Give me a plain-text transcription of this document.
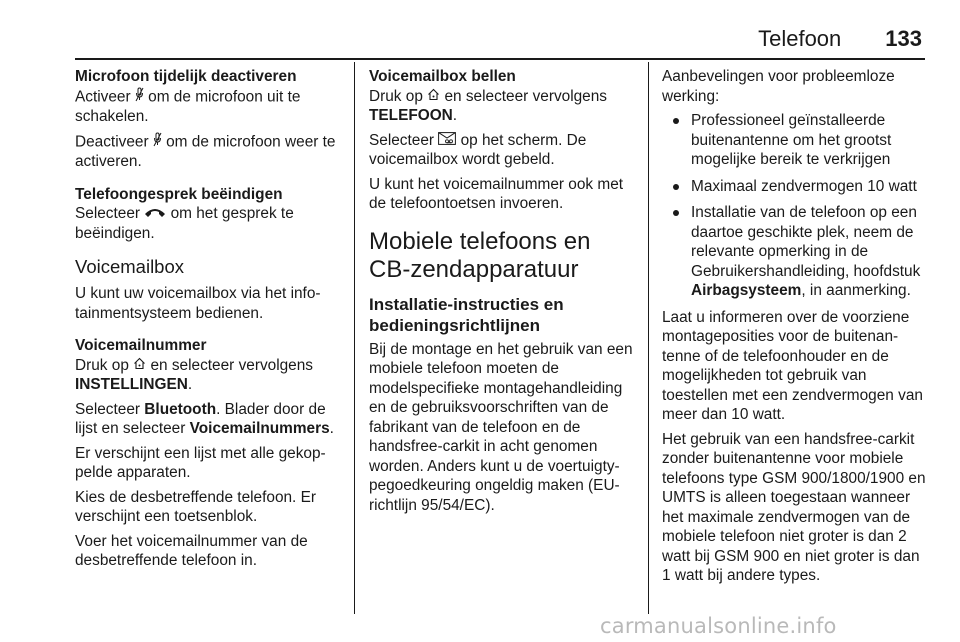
Telefoon 133
Microfoon tijdelijk deactiveren

Activeer  om de microfoon uit te schakelen.

Deactiveer  om de microfoon weer te activeren.

Telefoongesprek beëindigen

Selecteer  om het gesprek te beëindigen.

Voicemailbox

U kunt uw voicemailbox via het infotainmentsysteem bedienen.

Voicemailnummer

Druk op  en selecteer vervolgens INSTELLINGEN.

Selecteer Bluetooth. Blader door de lijst en selecteer Voicemailnummers.

Er verschijnt een lijst met alle gekoppelde apparaten.

Kies de desbetreffende telefoon. Er verschijnt een toetsenblok.

Voer het voicemailnummer van de desbetreffende telefoon in.

Voicemailbox bellen

Druk op  en selecteer vervolgens TELEFOON.

Selecteer  op het scherm. De voicemailbox wordt gebeld.

U kunt het voicemailnummer ook met de telefoontoetsen invoeren.

Mobiele telefoons en CB-zendapparatuur
Installatie-instructies en bedieningsrichtlijnen

Bij de montage en het gebruik van een mobiele telefoon moeten de modelspecifieke montagehandleiding en de gebruiksvoorschriften van de fabrikant van de telefoon en de handsfree-carkit in acht genomen worden. Anders kunt u de voertuigtypegoedkeuring ongeldig maken (EU-richtlijn 95/54/EC).

Aanbevelingen voor probleemloze werking:

Professioneel geïnstalleerde buitenantenne om het grootst mogelijke bereik te verkrijgen
Maximaal zendvermogen 10 watt
Installatie van de telefoon op een daartoe geschikte plek, neem de relevante opmerking in de Gebruikershandleiding, hoofdstuk Airbagsysteem, in aanmerking.

Laat u informeren over de voorziene montageposities voor de buitenantenne of de telefoonhouder en de mogelijkheden tot gebruik van toestellen met een zendvermogen van meer dan 10 watt.

Het gebruik van een handsfree-carkit zonder buitenantenne voor mobiele telefoons type GSM 900/1800/1900 en UMTS is alleen toegestaan wanneer het maximale zendvermogen van de mobiele telefoon niet groter is dan 2 watt bij GSM 900 en niet groter is dan 1 watt bij andere types.

carmanualsonline.info
